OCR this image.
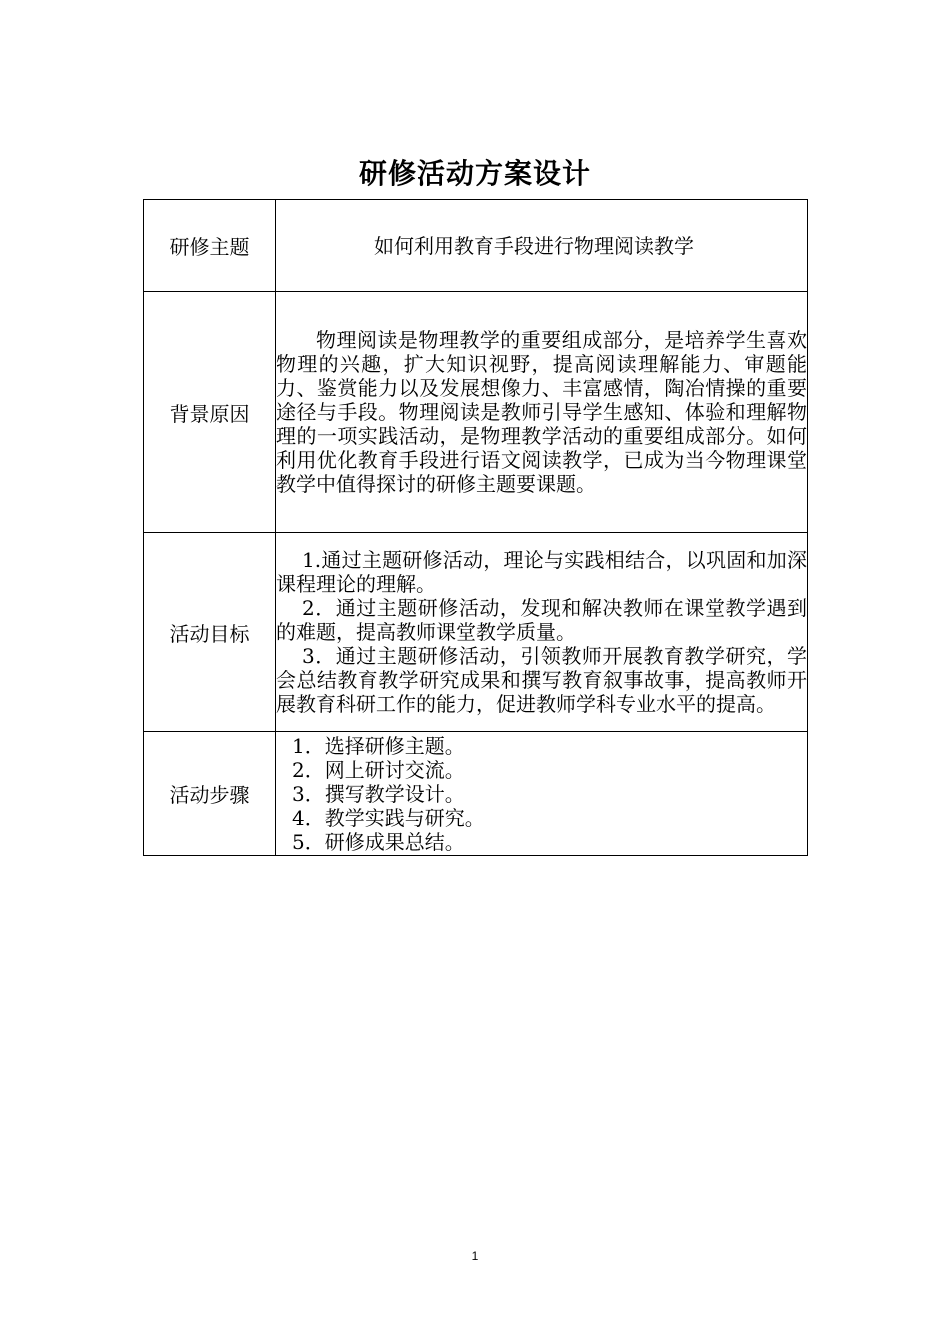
研修活动方案设计
研修主题	如何利用教育手段进行物理阅读教学

背景原因	物理阅读是物理教学的重要组成部分，是培养学生喜欢物理的兴趣，扩大知识视野，提高阅读理解能力、审题能力、鉴赏能力以及发展想像力、丰富感情，陶冶情操的重要途径与手段。物理阅读是教师引导学生感知、体验和理解物理的一项实践活动，是物理教学活动的重要组成部分。如何利用优化教育手段进行语文阅读教学，已成为当今物理课堂教学中值得探讨的研修主题要课题。

活动目标	1.通过主题研修活动，理论与实践相结合，以巩固和加深课程理论的理解。
2．通过主题研修活动，发现和解决教师在课堂教学遇到的难题，提高教师课堂教学质量。
3．通过主题研修活动，引领教师开展教育教学研究，学会总结教育教学研究成果和撰写教育叙事故事，提高教师开展教育科研工作的能力，促进教师学科专业水平的提高。

活动步骤	1．选择研修主题。
2．网上研讨交流。
3．撰写教学设计。
4．教学实践与研究。
5．研修成果总结。
1
